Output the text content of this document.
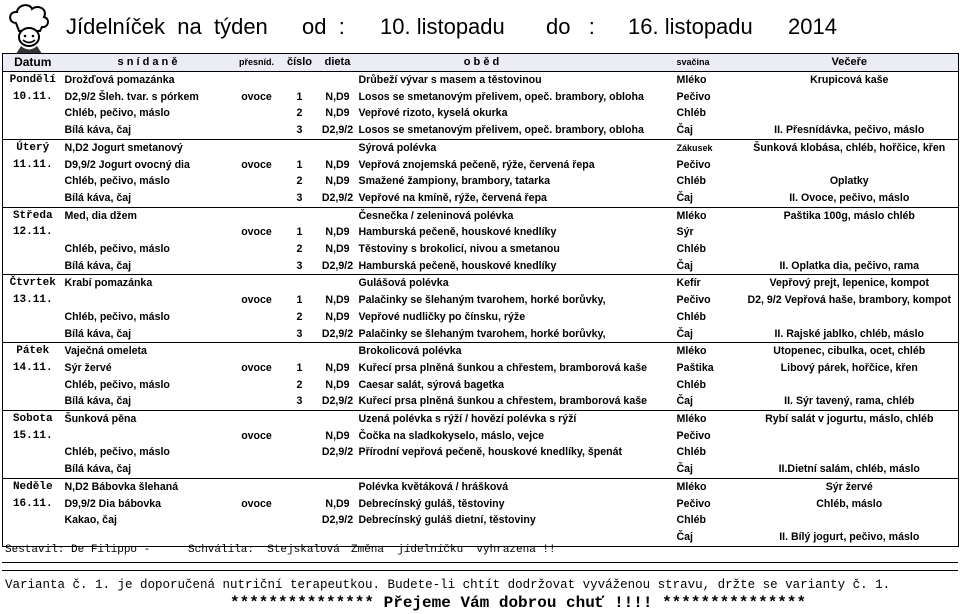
Jídelníček  na  týden

od  :

10. listopadu

do   :

16. listopadu

2014

Datum	s n í d a n ě	přesníd.	číslo	dieta	o b ě d		svačina	Večeře
Pondělí	Drožďová pomazánka				Drůbeží vývar s masem a těstovinou		Mléko	Krupicová kaše
10.11.	D2,9/2 Šleh. tvar. s pórkem	ovoce	1	N,D9	Losos se smetanovým přelivem, opeč. brambory, obloha		Pečivo	
	Chléb, pečivo, máslo		2	N,D9	Vepřové rizoto, kyselá okurka		Chléb	
	Bílá káva, čaj		3	D2,9/2	Losos se smetanovým přelivem, opeč. brambory, obloha		Čaj	II. Přesnídávka, pečivo, máslo
Úterý	N,D2 Jogurt smetanový				Sýrová polévka		Zákusek	Šunková klobása, chléb, hořčice, křen
11.11.	D9,9/2 Jogurt ovocný dia	ovoce	1	N,D9	Vepřová znojemská pečeně, rýže, červená řepa		Pečivo	
	Chléb, pečivo, máslo		2	N,D9	Smažené žampiony, brambory, tatarka		Chléb	Oplatky
	Bílá káva, čaj		3	D2,9/2	Vepřové na kmíně, rýže, červená řepa		Čaj	II. Ovoce, pečivo, máslo
Středa	Med, dia džem				Česnečka / zeleninová polévka		Mléko	Paštika 100g, máslo chléb
12.11.		ovoce	1	N,D9	Hamburská pečeně, houskové knedlíky		Sýr	
	Chléb, pečivo, máslo		2	N,D9	Těstoviny s brokolicí, nivou a smetanou		Chléb	
	Bílá káva, čaj		3	D2,9/2	Hamburská pečeně, houskové knedlíky		Čaj	II. Oplatka dia, pečivo, rama
Čtvrtek	Krabí pomazánka				Gulášová polévka		Kefír	Vepřový prejt, lepenice, kompot
13.11.		ovoce	1	N,D9	Palačinky se šlehaným tvarohem, horké borůvky,		Pečivo	D2, 9/2 Vepřová haše, brambory, kompot
	Chléb, pečivo, máslo		2	N,D9	Vepřové nudličky po čínsku, rýže		Chléb	
	Bílá káva, čaj		3	D2,9/2	Palačinky se šlehaným tvarohem, horké borůvky,		Čaj	II. Rajské jablko, chléb, máslo
Pátek	Vaječná omeleta				Brokolicová polévka		Mléko	Utopenec, cibulka, ocet, chléb
14.11.	Sýr žervé	ovoce	1	N,D9	Kuřecí prsa plněná šunkou a chřestem, bramborová kaše		Paštika	Libový párek, hořčice, křen
	Chléb, pečivo, máslo		2	N,D9	Caesar salát, sýrová bagetka		Chléb	
	Bílá káva, čaj		3	D2,9/2	Kuřecí prsa plněná šunkou a chřestem, bramborová kaše		Čaj	II. Sýr tavený, rama, chléb
Sobota	Šunková pěna				Uzená polévka s rýží / hovězí polévka s rýží		Mléko	Rybí salát v jogurtu, máslo, chléb
15.11.		ovoce		N,D9	Čočka na sladkokyselo, máslo, vejce		Pečivo	
	Chléb, pečivo, máslo			D2,9/2	Přírodní vepřová pečeně, houskové knedlíky, špenát		Chléb	
	Bílá káva, čaj						Čaj	II.Dietní salám, chléb, máslo
Neděle	N,D2 Bábovka šlehaná				Polévka květáková / hrášková		Mléko	Sýr žervé
16.11.	D9,9/2 Dia bábovka	ovoce		N,D9	Debrecínský guláš, těstoviny		Pečivo	Chléb, máslo
	Kakao, čaj			D2,9/2	Debrecínský guláš dietní, těstoviny		Chléb	
							Čaj	II. Bílý jogurt, pečivo, máslo

Sestavil: De Filippo -

	Schválila:  Stejskalová

Změna  jídelníčku  vyhrazena !!

Varianta č. 1. je doporučená nutriční terapeutkou. Budete-li chtít dodržovat vyváženou stravu, držte se varianty č. 1.
*************** Přejeme Vám dobrou chuť !!!! ***************
